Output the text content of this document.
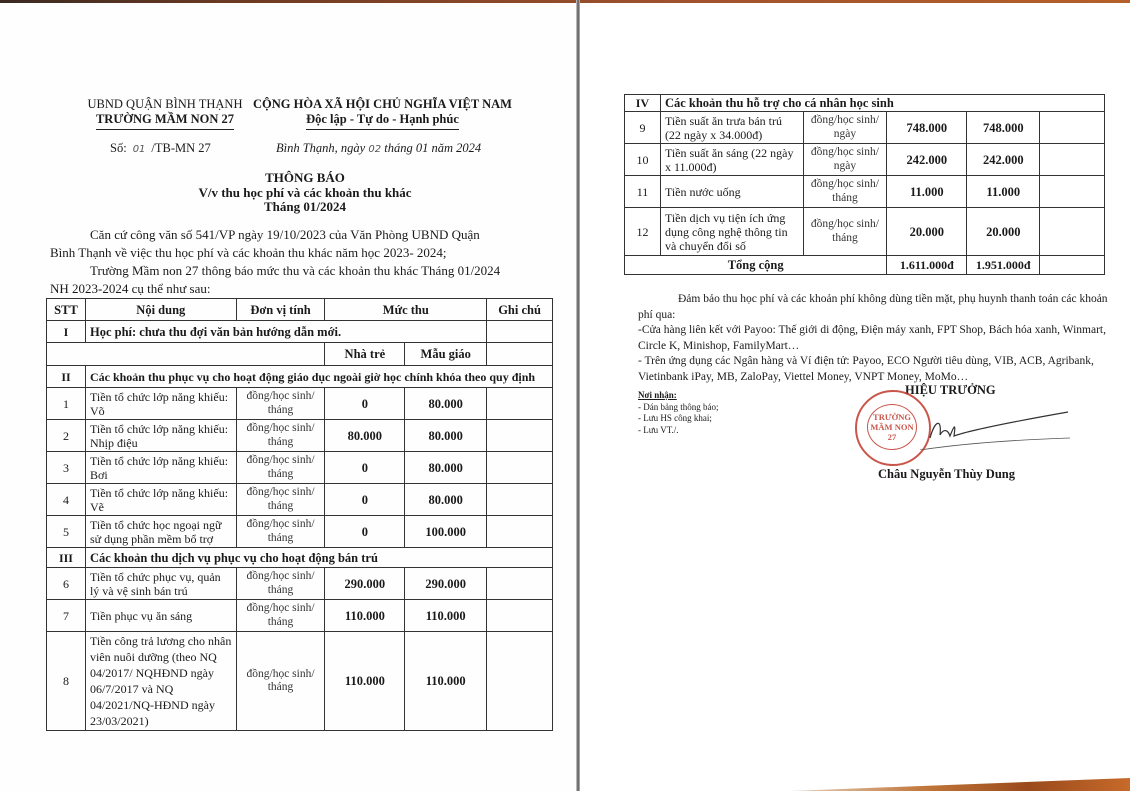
UBND QUẬN BÌNH THẠNH
TRƯỜNG MẦM NON 27
CỘNG HÒA XÃ HỘI CHỦ NGHĨA VIỆT NAM
Độc lập - Tự do - Hạnh phúc
Số: 01 /TB-MN 27	Bình Thạnh, ngày 02 tháng 01 năm 2024
THÔNG BÁO
V/v thu học phí và các khoản thu khác
Tháng 01/2024
Căn cứ công văn số 541/VP ngày 19/10/2023 của Văn Phòng UBND Quận
Bình Thạnh về việc thu học phí và các khoản thu khác năm học 2023- 2024;
Trường Mầm non 27 thông báo mức thu và các khoản thu khác Tháng 01/2024
NH 2023-2024 cụ thể như sau:
STT	Nội dung	Đơn vị tính	Mức thu		Ghi chú
I	Học phí: chưa thu đợi văn bản hướng dẫn mới.				
			Nhà trẻ	Mẫu giáo	
II	Các khoản thu phục vụ cho hoạt động giáo dục ngoài giờ học chính khóa theo quy định				
1	Tiền tổ chức lớp năng khiếu: Võ	đồng/học sinh/ tháng	0	80.000	
2	Tiền tổ chức lớp năng khiếu: Nhịp điệu	đồng/học sinh/ tháng	80.000	80.000	
3	Tiền tổ chức lớp năng khiếu: Bơi	đồng/học sinh/ tháng	0	80.000	
4	Tiền tổ chức lớp năng khiếu: Vẽ	đồng/học sinh/ tháng	0	80.000	
5	Tiền tổ chức học ngoại ngữ sử dụng phần mềm bổ trợ	đồng/học sinh/ tháng	0	100.000	
III	Các khoản thu dịch vụ phục vụ cho hoạt động bán trú				
6	Tiền tổ chức phục vụ, quản lý và vệ sinh bán trú	đồng/học sinh/ tháng	290.000	290.000	
7	Tiền phục vụ ăn sáng	đồng/học sinh/ tháng	110.000	110.000	
8	Tiền công trả lương cho nhân viên nuôi dưỡng (theo NQ 04/2017/ NQHĐND ngày 06/7/2017 và NQ 04/2021/NQ-HĐND ngày 23/03/2021)	đồng/học sinh/ tháng	110.000	110.000	
IV	Các khoản thu hỗ trợ cho cá nhân học sinh				
9	Tiền suất ăn trưa bán trú (22 ngày x 34.000đ)	đồng/học sinh/ ngày	748.000	748.000	
10	Tiền suất ăn sáng (22 ngày x 11.000đ)	đồng/học sinh/ ngày	242.000	242.000	
11	Tiền nước uống	đồng/học sinh/ tháng	11.000	11.000	
12	Tiền dịch vụ tiện ích ứng dụng công nghệ thông tin và chuyển đổi số	đồng/học sinh/ tháng	20.000	20.000	
Tổng cộng			1.611.000đ	1.951.000đ	
Đảm bảo thu học phí và các khoản phí không dùng tiền mặt, phụ huynh thanh toán các khoản phí qua:
-Cửa hàng liên kết với Payoo: Thế giới di động, Điện máy xanh, FPT Shop, Bách hóa xanh, Winmart, Circle K, Minishop, FamilyMart…
- Trên ứng dụng các Ngân hàng và Ví điện tử: Payoo, ECO Người tiêu dùng, VIB, ACB, Agribank, Vietinbank iPay, MB, ZaloPay, Viettel Money, VNPT Money, MoMo…
Nơi nhận:
- Dán bảng thông báo;
- Lưu HS công khai;
- Lưu VT./.
HIỆU TRƯỞNG
TRƯỜNG
MẦM NON 27
Châu Nguyễn Thùy Dung
